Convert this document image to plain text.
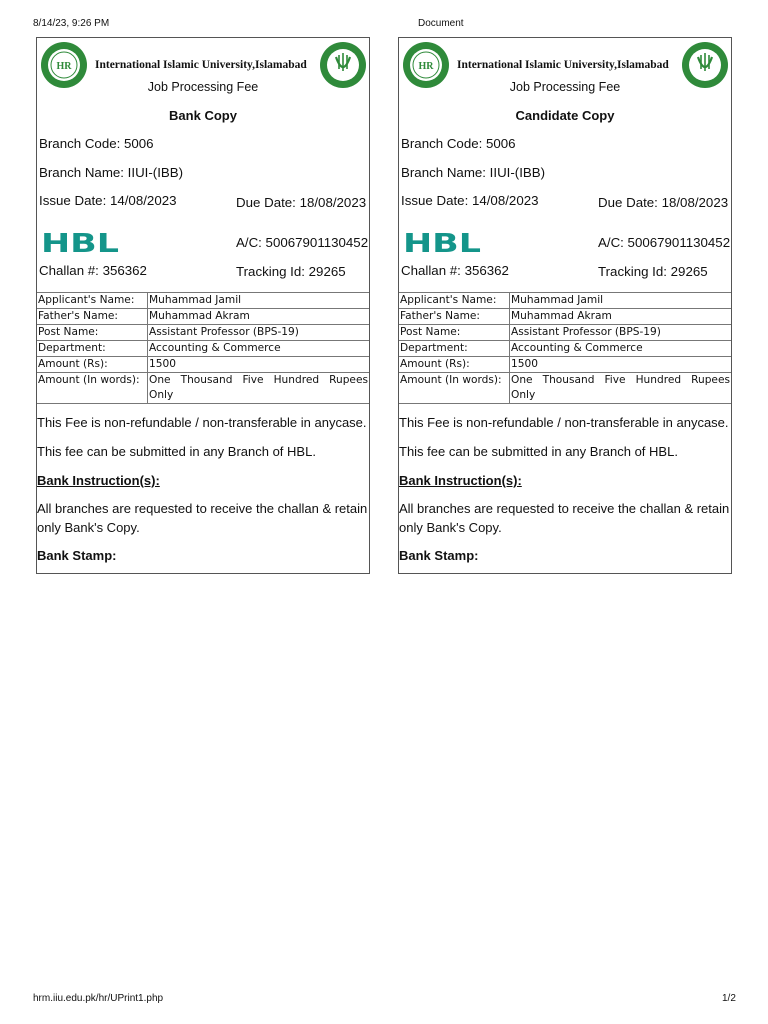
8/14/23, 9:26 PM	Document
HR International Islamic University,Islamabad
Job Processing Fee
Bank Copy
Branch Code: 5006
Branch Name: IIUI-(IBB)
Issue Date: 14/08/2023	Due Date: 18/08/2023
HBL	A/C: 50067901130452
Challan #: 356362	Tracking Id: 29265
Applicant's Name:	Muhammad Jamil
Father's Name:	Muhammad Akram
Post Name:	Assistant Professor (BPS-19)
Department:	Accounting & Commerce
Amount (Rs):	1500
Amount (In words):	One Thousand Five Hundred Rupees Only
This Fee is non-refundable / non-transferable in anycase.
This fee can be submitted in any Branch of HBL.
Bank Instruction(s):
All branches are requested to receive the challan & retain only Bank's Copy.
Bank Stamp:
HR International Islamic University,Islamabad
Job Processing Fee
Candidate Copy
Branch Code: 5006
Branch Name: IIUI-(IBB)
Issue Date: 14/08/2023	Due Date: 18/08/2023
HBL	A/C: 50067901130452
Challan #: 356362	Tracking Id: 29265
Applicant's Name:	Muhammad Jamil
Father's Name:	Muhammad Akram
Post Name:	Assistant Professor (BPS-19)
Department:	Accounting & Commerce
Amount (Rs):	1500
Amount (In words):	One Thousand Five Hundred Rupees Only
This Fee is non-refundable / non-transferable in anycase.
This fee can be submitted in any Branch of HBL.
Bank Instruction(s):
All branches are requested to receive the challan & retain only Bank's Copy.
Bank Stamp:
hrm.iiu.edu.pk/hr/UPrint1.php	1/2
